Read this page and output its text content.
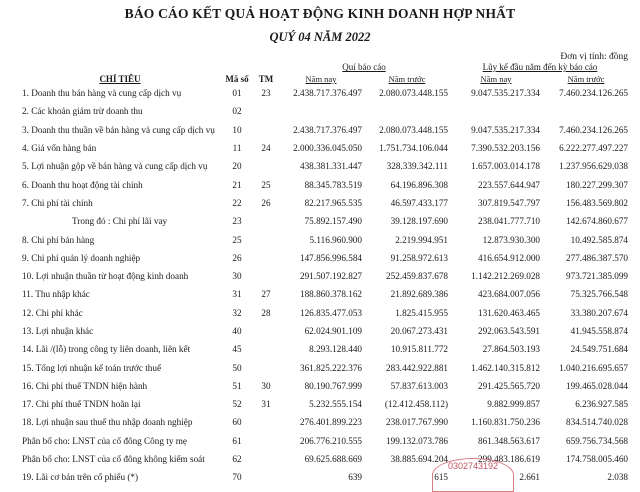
BÁO CÁO KẾT QUẢ HOẠT ĐỘNG KINH DOANH HỢP NHẤT
QUÝ 04 NĂM 2022
Đơn vị tính: đồng
CHỈ TIÊU	Mã số	TM	Quí báo cáo		Lũy kế đầu năm đến kỳ báo cáo	
			Năm nay	Năm trước	Năm nay	Năm trước
1. Doanh thu bán hàng và cung cấp dịch vụ	01	23	2.438.717.376.497	2.080.073.448.155	9.047.535.217.334	7.460.234.126.265
2. Các khoản giảm trừ doanh thu	02					
3. Doanh thu thuần về bán hàng và cung cấp dịch vụ	10		2.438.717.376.497	2.080.073.448.155	9.047.535.217.334	7.460.234.126.265
4. Giá vốn hàng bán	11	24	2.000.336.045.050	1.751.734.106.044	7.390.532.203.156	6.222.277.497.227
5. Lợi nhuận gộp về bán hàng và cung cấp dịch vụ	20		438.381.331.447	328.339.342.111	1.657.003.014.178	1.237.956.629.038
6. Doanh thu hoạt động tài chính	21	25	88.345.783.519	64.196.896.308	223.557.644.947	180.227.299.307
7. Chi phí tài chính	22	26	82.217.965.535	46.597.433.177	307.819.547.797	156.483.569.802
Trong đó : Chi phí lãi vay	23		75.892.157.490	39.128.197.690	238.041.777.710	142.674.860.677
8. Chi phí bán hàng	25		5.116.960.900	2.219.994.951	12.873.930.300	10.492.585.874
9. Chi phí quản lý doanh nghiệp	26		147.856.996.584	91.258.972.613	416.654.912.000	277.486.387.570
10. Lợi nhuận thuần từ hoạt động kinh doanh	30		291.507.192.827	252.459.837.678	1.142.212.269.028	973.721.385.099
11. Thu nhập khác	31	27	188.860.378.162	21.892.689.386	423.684.007.056	75.325.766.548
12. Chi phí khác	32	28	126.835.477.053	1.825.415.955	131.620.463.465	33.380.207.674
13. Lợi nhuận khác	40		62.024.901.109	20.067.273.431	292.063.543.591	41.945.558.874
14. Lãi /(lỗ) trong công ty liên doanh, liên kết	45		8.293.128.440	10.915.811.772	27.864.503.193	24.549.751.684
15. Tổng lợi nhuận kế toán trước thuế	50		361.825.222.376	283.442.922.881	1.462.140.315.812	1.040.216.695.657
16. Chi phí thuế TNDN hiện hành	51	30	80.190.767.999	57.837.613.003	291.425.565.720	199.465.028.044
17. Chi phí thuế TNDN hoãn lại	52	31	5.232.555.154	(12.412.458.112)	9.882.999.857	6.236.927.585
18. Lợi nhuận sau thuế thu nhập doanh nghiệp	60		276.401.899.223	238.017.767.990	1.160.831.750.236	834.514.740.028
Phân bổ cho: LNST của cổ đông Công ty mẹ	61		206.776.210.555	199.132.073.786	861.348.563.617	659.756.734.568
Phân bổ cho: LNST của cổ đông không kiểm soát	62		69.625.688.669	38.885.694.204	299.483.186.619	174.758.005.460
19. Lãi cơ bản trên cổ phiếu (*)	70		639	615	2.661	2.038
0302743192
